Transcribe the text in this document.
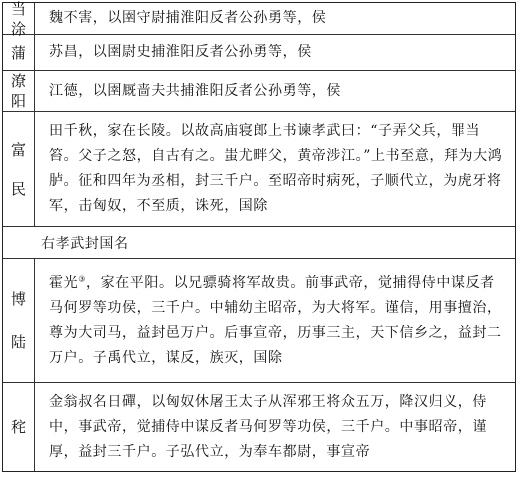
当
涂
魏不害，以圉守尉捕淮阳反者公孙勇等，侯
蒲 苏昌，以圉尉史捕淮阳反者公孙勇等，侯
潦
阳
江德，以圉厩啬夫共捕淮阳反者公孙勇等，侯
富
民
田千秋，家在长陵。以故高庙寝郎上书谏孝武曰：“子弄父兵，罪当笞。父子之怒，自古有之。蚩尤畔父，黄帝涉江。”上书至意，拜为大鸿胪。征和四年为丞相，封三千户。至昭帝时病死，子顺代立，为虎牙将军，击匈奴，不至质，诛死，国除
右孝武封国名
博
陆
霍光③，家在平阳。以兄骠骑将军故贵。前事武帝，觉捕得侍中谋反者马何罗等功侯，三千户。中辅幼主昭帝，为大将军。谨信，用事擅治，尊为大司马，益封邑万户。后事宣帝，历事三主，天下信乡之，益封二万户。子禹代立，谋反，族灭，国除
秺
金翁叔名日磾，以匈奴休屠王太子从浑邪王将众五万，降汉归义，侍中，事武帝，觉捕侍中谋反者马何罗等功侯，三千户。中事昭帝，谨厚，益封三千户。子弘代立，为奉车都尉，事宣帝
